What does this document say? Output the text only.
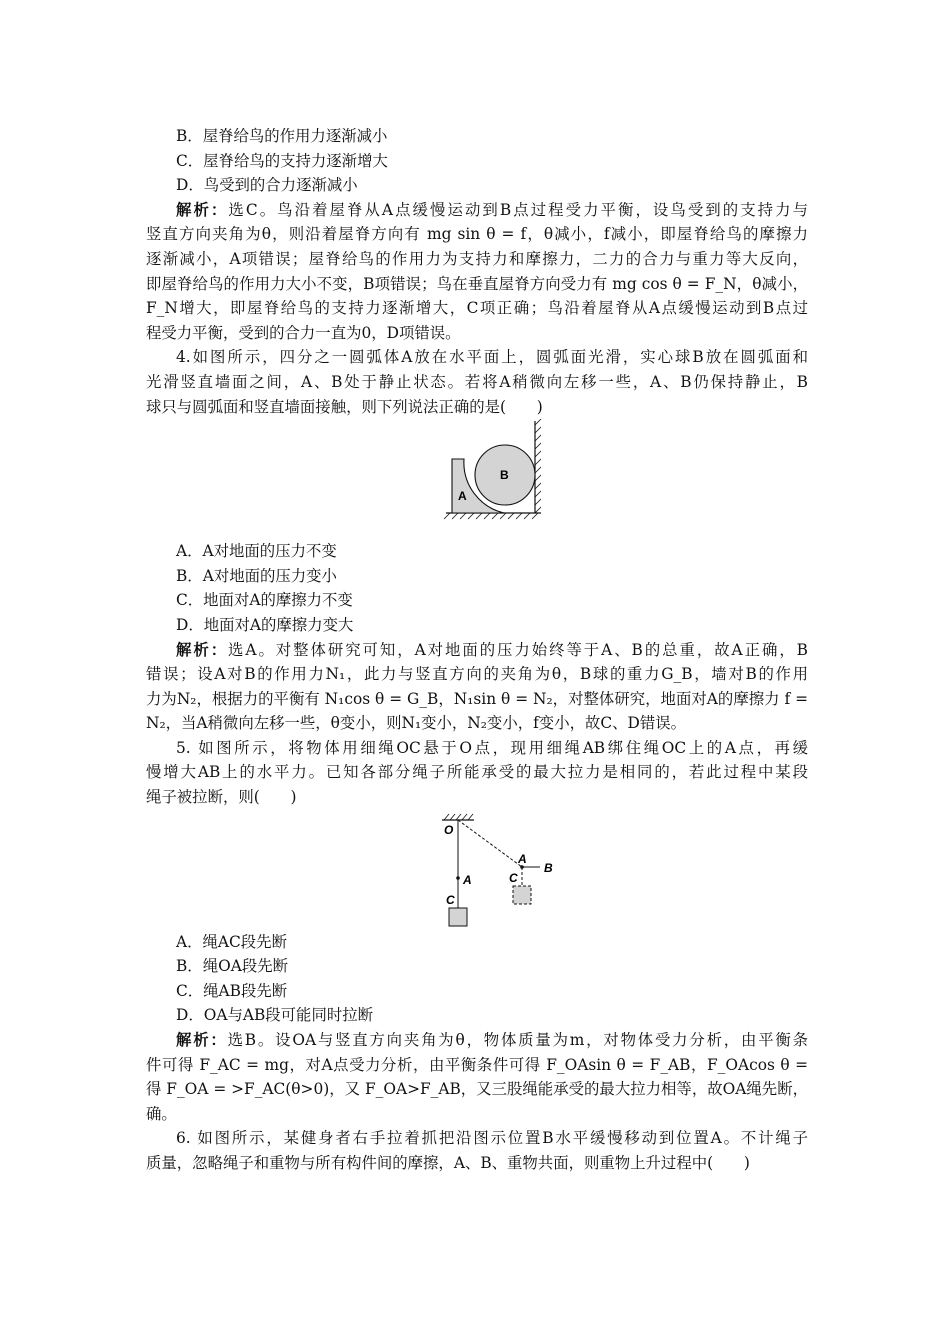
B．屋脊给鸟的作用力逐渐减小
C．屋脊给鸟的支持力逐渐增大
D．鸟受到的合力逐渐减小
解析：选C。鸟沿着屋脊从A点缓慢运动到B点过程受力平衡，设鸟受到的支持力与
竖直方向夹角为θ，则沿着屋脊方向有 mg sin θ = f，θ减小，f减小，即屋脊给鸟的摩擦力
逐渐减小，A项错误；屋脊给鸟的作用力为支持力和摩擦力，二力的合力与重力等大反向，
即屋脊给鸟的作用力大小不变，B项错误；鸟在垂直屋脊方向受力有 mg cos θ = F_N，θ减小，
F_N增大，即屋脊给鸟的支持力逐渐增大，C项正确；鸟沿着屋脊从A点缓慢运动到B点过
程受力平衡，受到的合力一直为0，D项错误。
4.如图所示，四分之一圆弧体A放在水平面上，圆弧面光滑，实心球B放在圆弧面和
光滑竖直墙面之间，A、B处于静止状态。若将A稍微向左移一些，A、B仍保持静止，B
球只与圆弧面和竖直墙面接触，则下列说法正确的是(　　)
A
B
A．A对地面的压力不变
B．A对地面的压力变小
C．地面对A的摩擦力不变
D．地面对A的摩擦力变大
解析：选A。对整体研究可知，A对地面的压力始终等于A、B的总重，故A正确，B
错误；设A对B的作用力N₁，此力与竖直方向的夹角为θ，B球的重力G_B，墙对B的作用
力为N₂，根据力的平衡有 N₁cos θ = G_B，N₁sin θ = N₂，对整体研究，地面对A的摩擦力 f =
N₂，当A稍微向左移一些，θ变小，则N₁变小，N₂变小，f变小，故C、D错误。
5. 如图所示，将物体用细绳OC悬于O点，现用细绳AB绑住绳OC上的A点，再缓
慢增大AB上的水平力。已知各部分绳子所能承受的最大拉力是相同的，若此过程中某段
绳子被拉断，则(　　)
O
A
C
A
C
B
A．绳AC段先断
B．绳OA段先断
C．绳AB段先断
D．OA与AB段可能同时拉断
解析：选B。设OA与竖直方向夹角为θ，物体质量为m，对物体受力分析，由平衡条
件可得 F_AC = mg，对A点受力分析，由平衡条件可得 F_OAsin θ = F_AB，F_OAcos θ =
得 F_OA = >F_AC(θ>0)，又 F_OA>F_AB，又三股绳能承受的最大拉力相等，故OA绳先断，
确。
6. 如图所示，某健身者右手拉着抓把沿图示位置B水平缓慢移动到位置A。不计绳子
质量，忽略绳子和重物与所有构件间的摩擦，A、B、重物共面，则重物上升过程中(　　)
